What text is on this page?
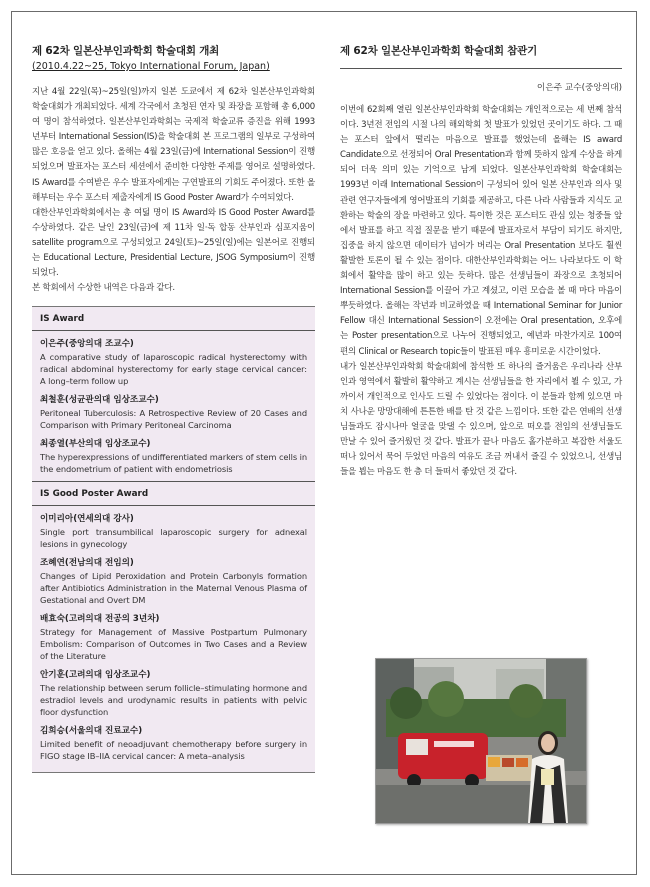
제 62차 일본산부인과학회 학술대회 개최

(2010.4.22~25, Tokyo International Forum, Japan)

지난 4월 22일(목)~25일(일)까지 일본 도쿄에서 제 62차 일본산부인과학회 학술대회가 개최되었다. 세계 각국에서 초청된 연자 및 좌장을 포함해 총 6,000여 명이 참석하였다. 일본산부인과학회는 국제적 학술교류 증진을 위해 1993년부터 International Session(IS)을 학술대회 본 프로그램의 일부로 구성하여 많은 호응을 얻고 있다. 올해는 4월 23일(금)에 International Session이 진행되었으며 발표자는 포스터 세션에서 준비한 다양한 주제를 영어로 설명하였다. IS Award를 수여받은 우수 발표자에게는 구연발표의 기회도 주어졌다. 또한 올해부터는 우수 포스터 제출자에게 IS Good Poster Award가 수여되었다.

대한산부인과학회에서는 총 여덟 명이 IS Award와 IS Good Poster Award를 수상하였다. 같은 날인 23일(금)에 제 11차 일·독 합동 산부인과 심포지움이 satellite program으로 구성되었고 24일(토)~25일(일)에는 일본어로 진행되는 Educational Lecture, Presidential Lecture, JSOG Symposium이 진행되었다.

본 학회에서 수상한 내역은 다음과 같다.

IS Award
이은주(중앙의대 조교수)
A comparative study of laparoscopic radical hysterectomy with radical abdominal hysterectomy for early stage cervical cancer: A long–term follow up
최철훈(성균관의대 임상조교수)
Peritoneal Tuberculosis: A Retrospective Review of 20 Cases and Comparison with Primary Peritoneal Carcinoma
최종열(부산의대 임상조교수)
The hyperexpressions of undifferentiated markers of stem cells in the endometrium of patient with endometriosis
IS Good Poster Award
이미리아(연세의대 강사)
Single port transumbilical laparoscopic surgery for adnexal lesions in gynecology
조혜연(전남의대 전임의)
Changes of Lipid Peroxidation and Protein Carbonyls formation after Antibiotics Administration in the Maternal Venous Plasma of Gestational and Overt DM
배효숙(고려의대 전공의 3년차)
Strategy for Management of Massive Postpartum Pulmonary Embolism: Comparison of Outcomes in Two Cases and a Review of the Literature
안기훈(고려의대 임상조교수)
The relationship between serum follicle–stimulating hormone and estradiol levels and urodynamic results in patients with pelvic floor dysfunction
김희승(서울의대 진료교수)
Limited benefit of neoadjuvant chemotherapy before surgery in FIGO stage IB–IIA cervical cancer: A meta–analysis
제 62차 일본산부인과학회 학술대회 참관기

이은주 교수(중앙의대)

이번에 62회째 열린 일본산부인과학회 학술대회는 개인적으로는 세 번째 참석이다. 3년전 전임의 시절 나의 해외학회 첫 발표가 있었던 곳이기도 하다. 그 때는 포스터 앞에서 떨리는 마음으로 발표를 했었는데 올해는 IS award Candidate으로 선정되어 Oral Presentation과 함께 뜻하지 않게 수상을 하게 되어 더욱 의미 있는 기억으로 남게 되었다. 일본산부인과학회 학술대회는 1993년 이래 International Session이 구성되어 있어 일본 산부인과 의사 및 관련 연구자들에게 영어발표의 기회를 제공하고, 다른 나라 사람들과 지식도 교환하는 학술의 장을 마련하고 있다. 특이한 것은 포스터도 관심 있는 청중들 앞에서 발표를 하고 직접 질문을 받기 때문에 발표자로서 부담이 되기도 하지만, 집중을 하지 않으면 데이터가 넘어가 버리는 Oral Presentation 보다도 훨씬 활발한 토론이 될 수 있는 점이다. 대한산부인과학회는 어느 나라보다도 이 학회에서 활약을 많이 하고 있는 듯하다. 많은 선생님들이 좌장으로 초청되어 International Session를 이끌어 가고 계셨고, 이런 모습을 볼 때 마다 마음이 뿌듯하였다. 올해는 작년과 비교하였을 때 International Seminar for Junior Fellow 대신 International Session이 오전에는 Oral presentation, 오후에는 Poster presentation으로 나누어 진행되었고, 예년과 마찬가지로 100여 편의 Clinical or Research topic들이 발표된 매우 흥미로운 시간이었다.

내가 일본산부인과학회 학술대회에 참석한 또 하나의 즐거움은 우리나라 산부인과 영역에서 활발히 활약하고 계시는 선생님들을 한 자리에서 뵐 수 있고, 가까이서 개인적으로 인사도 드릴 수 있었다는 점이다. 이 분들과 함께 있으면 마치 사나운 망망대해에 튼튼한 배를 탄 것 같은 느낌이다. 또한 같은 연배의 선생님들과도 잠시나마 얼굴을 맞댈 수 있으며, 앞으로 떠오를 전임의 선생님들도 만날 수 있어 즐거웠던 것 같다. 발표가 끝나 마음도 홀가분하고 복잡한 서울도 떠나 있어서 묵어 두었던 마음의 여유도 조금 꺼내서 즐길 수 있었으니, 선생님들을 뵙는 마음도 한 층 더 들떠서 좋았던 것 같다.
